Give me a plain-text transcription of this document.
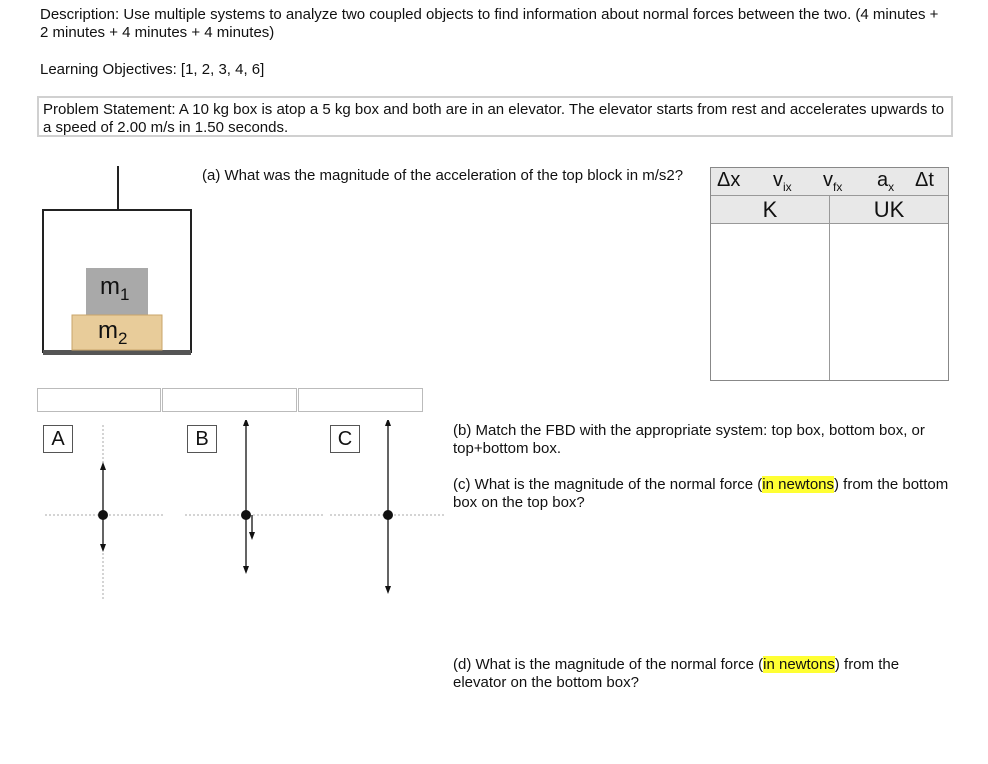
Description: Use multiple systems to analyze two coupled objects to find information about normal forces between the two. (4 minutes + 2 minutes + 4 minutes + 4 minutes)
Learning Objectives: [1, 2, 3, 4, 6]
Problem Statement: A 10 kg box is atop a 5 kg box and both are in an elevator. The elevator starts from rest and accelerates upwards to a speed of 2.00 m/s in 1.50 seconds.
$m_1$
$m_2$
(a) What was the magnitude of the acceleration of the top block in m/s2?	Δx $v_{ix}$ $v_{fx}$ $a_x$ Δt
K	UK
A	B	C	(b) Match the FBD with the appropriate system: top box, bottom box, or top+bottom box.
(c) What is the magnitude of the normal force (in newtons) from the bottom box on the top box?
(d) What is the magnitude of the normal force (in newtons) from the elevator on the bottom box?
